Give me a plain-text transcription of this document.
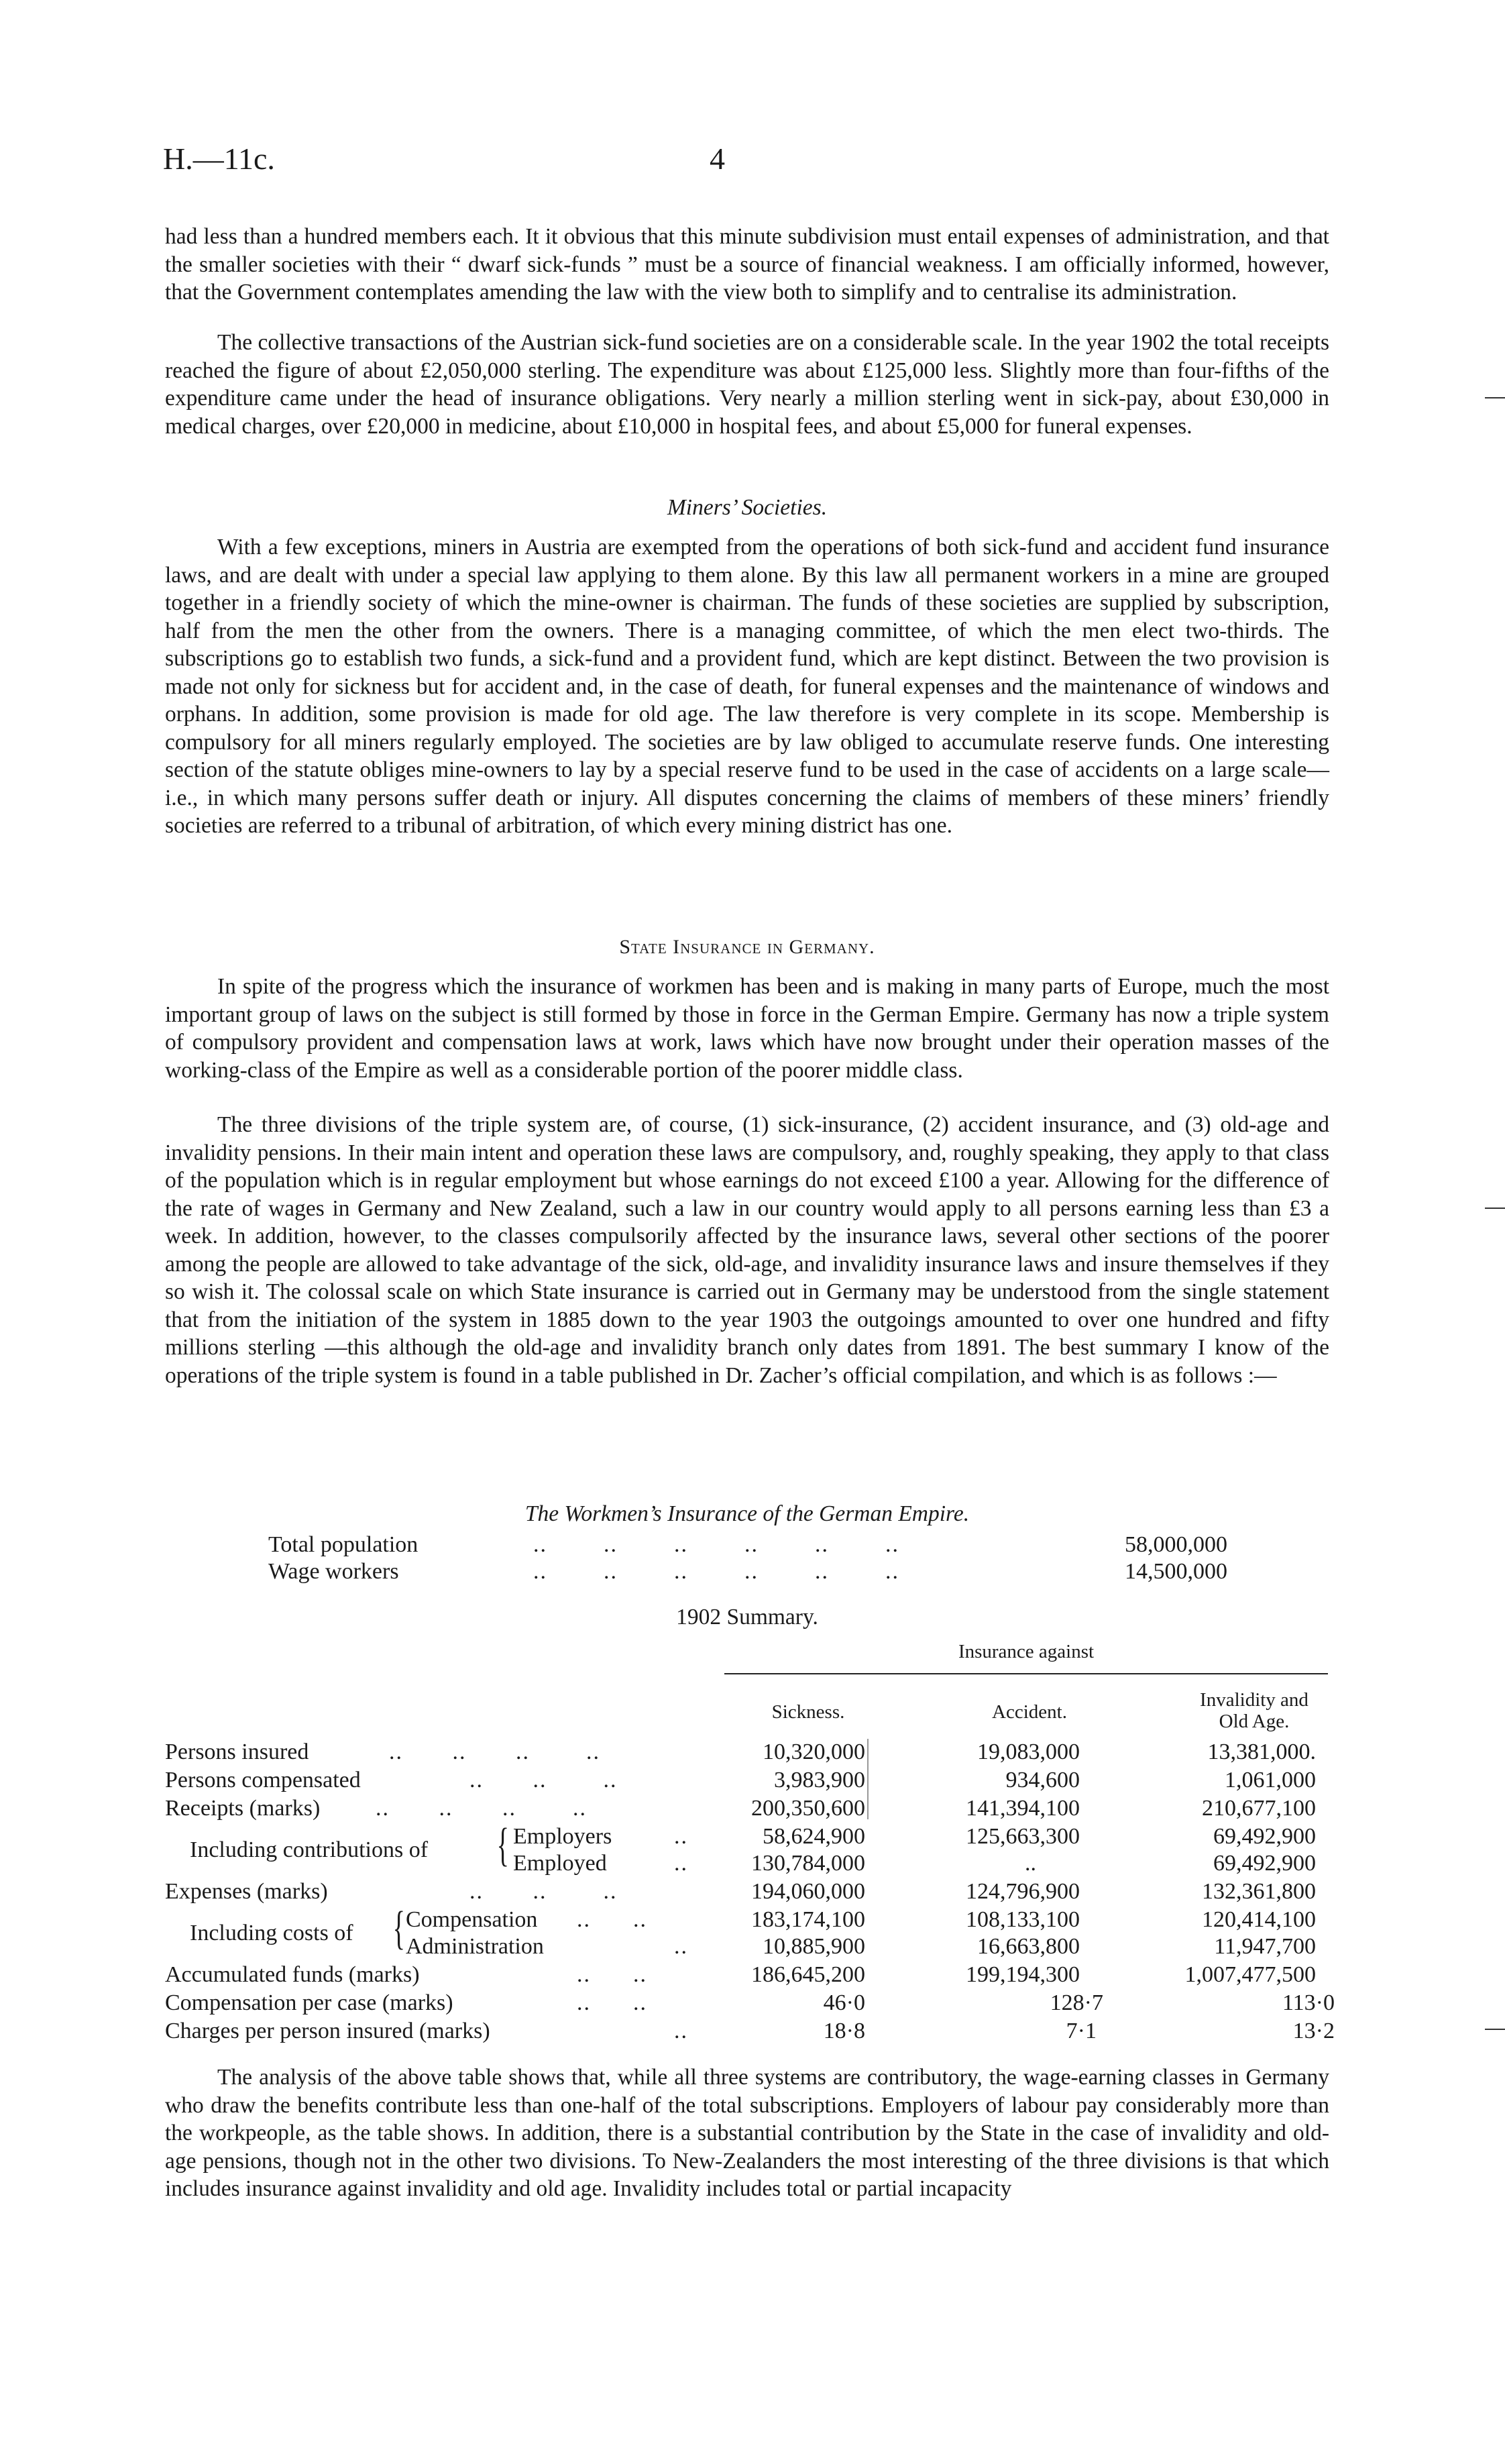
H.—11c.	4

had less than a hundred members each. It it obvious that this minute subdivision must entail expenses of administration, and that the smaller societies with their “ dwarf sick-funds ” must be a source of financial weakness. I am officially informed, however, that the Government contemplates amending the law with the view both to simplify and to centralise its administration.

The collective transactions of the Austrian sick-fund societies are on a considerable scale. In the year 1902 the total receipts reached the figure of about £2,050,000 sterling. The expenditure was about £125,000 less. Slightly more than four-fifths of the expenditure came under the head of insurance obligations. Very nearly a million sterling went in sick-pay, about £30,000 in medical charges, over £20,000 in medicine, about £10,000 in hospital fees, and about £5,000 for funeral expenses.

Miners’ Societies.

With a few exceptions, miners in Austria are exempted from the operations of both sick-fund and accident fund insurance laws, and are dealt with under a special law applying to them alone. By this law all permanent workers in a mine are grouped together in a friendly society of which the mine-owner is chairman. The funds of these societies are supplied by subscription, half from the men the other from the owners. There is a managing committee, of which the men elect two-thirds. The subscriptions go to establish two funds, a sick-fund and a provident fund, which are kept distinct. Between the two provision is made not only for sickness but for accident and, in the case of death, for funeral expenses and the maintenance of windows and orphans. In addition, some provision is made for old age. The law therefore is very complete in its scope. Membership is compulsory for all miners regularly employed. The societies are by law obliged to accumulate reserve funds. One interesting section of the statute obliges mine-owners to lay by a special reserve fund to be used in the case of accidents on a large scale—i.e., in which many persons suffer death or injury. All disputes concerning the claims of members of these miners’ friendly societies are referred to a tribunal of arbitration, of which every mining district has one.

State Insurance in Germany.

In spite of the progress which the insurance of workmen has been and is making in many parts of Europe, much the most important group of laws on the subject is still formed by those in force in the German Empire. Germany has now a triple system of compulsory provident and compensation laws at work, laws which have now brought under their operation masses of the working-class of the Empire as well as a considerable portion of the poorer middle class.

The three divisions of the triple system are, of course, (1) sick-insurance, (2) accident insurance, and (3) old-age and invalidity pensions. In their main intent and operation these laws are compulsory, and, roughly speaking, they apply to that class of the population which is in regular employment but whose earnings do not exceed £100 a year. Allowing for the difference of the rate of wages in Germany and New Zealand, such a law in our country would apply to all persons earning less than £3 a week. In addition, however, to the classes compulsorily affected by the insurance laws, several other sections of the poorer among the people are allowed to take advantage of the sick, old-age, and invalidity insurance laws and insure themselves if they so wish it. The colossal scale on which State insurance is carried out in Germany may be understood from the single statement that from the initiation of the system in 1885 down to the year 1903 the outgoings amounted to over one hundred and fifty millions sterling —this although the old-age and invalidity branch only dates from 1891. The best summary I know of the operations of the triple system is found in a table published in Dr. Zacher’s official compilation, and which is as follows :—

The Workmen’s Insurance of the German Empire.
Total population	..        ..        ..        ..        ..        ..	58,000,000
Wage workers	..        ..        ..        ..        ..        ..	14,500,000
1902 Summary.
Insurance against
Sickness.	Accident.
Invalidity and
Old Age.
Persons insured	..       ..       ..        ..	10,320,000	19,083,000	13,381,000.
Persons compensated	..       ..        ..	3,983,900	934,600	1,061,000
Receipts (marks) ..       ..       ..        ..	200,350,600	141,394,100	210,677,100
Including contributions of { Employers	..	58,624,900	125,663,300	69,492,900
Employed	..	130,784,000	..	69,492,900
Expenses (marks)	..       ..        ..	194,060,000	124,796,900	132,361,800
Including costs of { Compensation ..      ..	183,174,100	108,133,100	120,414,100
Administration	..	10,885,900	16,663,800	11,947,700
Accumulated funds (marks)	..      ..	186,645,200	199,194,300	1,007,477,500
Compensation per case (marks)	..      ..	46·0	128·7	113·0
Charges per person insured (marks)	..	18·8	7·1	13·2

The analysis of the above table shows that, while all three systems are contributory, the wage-earning classes in Germany who draw the benefits contribute less than one-half of the total subscriptions. Employers of labour pay considerably more than the workpeople, as the table shows. In addition, there is a substantial contribution by the State in the case of invalidity and old-age pensions, though not in the other two divisions. To New-Zealanders the most interesting of the three divisions is that which includes insurance against invalidity and old age. Invalidity includes total or partial incapacity
